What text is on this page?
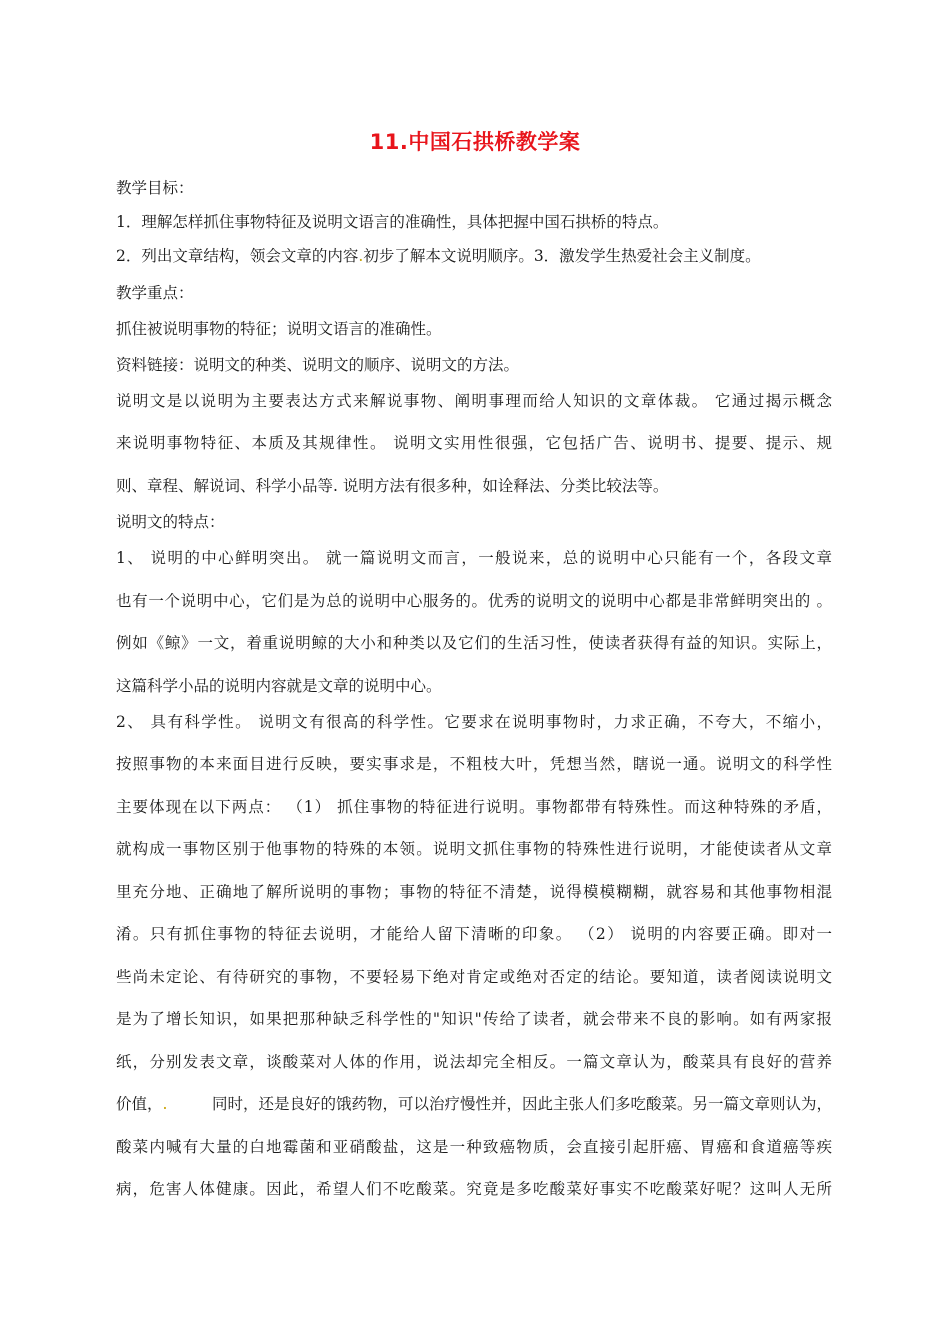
11.中国石拱桥教学案
教学目标：
1．理解怎样抓住事物特征及说明文语言的准确性，具体把握中国石拱桥的特点。
2．列出文章结构，领会文章的内容.初步了解本文说明顺序。3．激发学生热爱社会主义制度。
教学重点：
抓住被说明事物的特征；说明文语言的准确性。
资料链接：说明文的种类、说明文的顺序、说明文的方法。
说明文是以说明为主要表达方式来解说事物、阐明事理而给人知识的文章体裁。 它通过揭示概念
来说明事物特征、本质及其规律性。 说明文实用性很强，它包括广告、说明书、提要、提示、规
则、章程、解说词、科学小品等. 说明方法有很多种，如诠释法、分类比较法等。
说明文的特点：
1、 说明的中心鲜明突出。 就一篇说明文而言，一般说来，总的说明中心只能有一个，各段文章
也有一个说明中心，它们是为总的说明中心服务的。优秀的说明文的说明中心都是非常鲜明突出的 。
例如《鲸》一文，着重说明鲸的大小和种类以及它们的生活习性，使读者获得有益的知识。实际上，
这篇科学小品的说明内容就是文章的说明中心。
2、 具有科学性。 说明文有很高的科学性。它要求在说明事物时，力求正确，不夸大，不缩小，
按照事物的本来面目进行反映，要实事求是，不粗枝大叶，凭想当然，瞎说一通。说明文的科学性
主要体现在以下两点： （1） 抓住事物的特征进行说明。事物都带有特殊性。而这种特殊的矛盾，
就构成一事物区别于他事物的特殊的本领。说明文抓住事物的特殊性进行说明，才能使读者从文章
里充分地、正确地了解所说明的事物；事物的特征不清楚，说得模模糊糊，就容易和其他事物相混
淆。只有抓住事物的特征去说明，才能给人留下清晰的印象。 （2） 说明的内容要正确。即对一
些尚未定论、有待研究的事物，不要轻易下绝对肯定或绝对否定的结论。要知道，读者阅读说明文
是为了增长知识，如果把那种缺乏科学性的"知识"传给了读者，就会带来不良的影响。如有两家报
纸，分别发表文章，谈酸菜对人体的作用，说法却完全相反。一篇文章认为，酸菜具有良好的营养
价值，.	同时，还是良好的饿药物，可以治疗慢性并，因此主张人们多吃酸菜。另一篇文章则认为，
酸菜内喊有大量的白地霉菌和亚硝酸盐，这是一种致癌物质，会直接引起肝癌、胃癌和食道癌等疾
病，危害人体健康。因此，希望人们不吃酸菜。究竟是多吃酸菜好事实不吃酸菜好呢？这叫人无所
